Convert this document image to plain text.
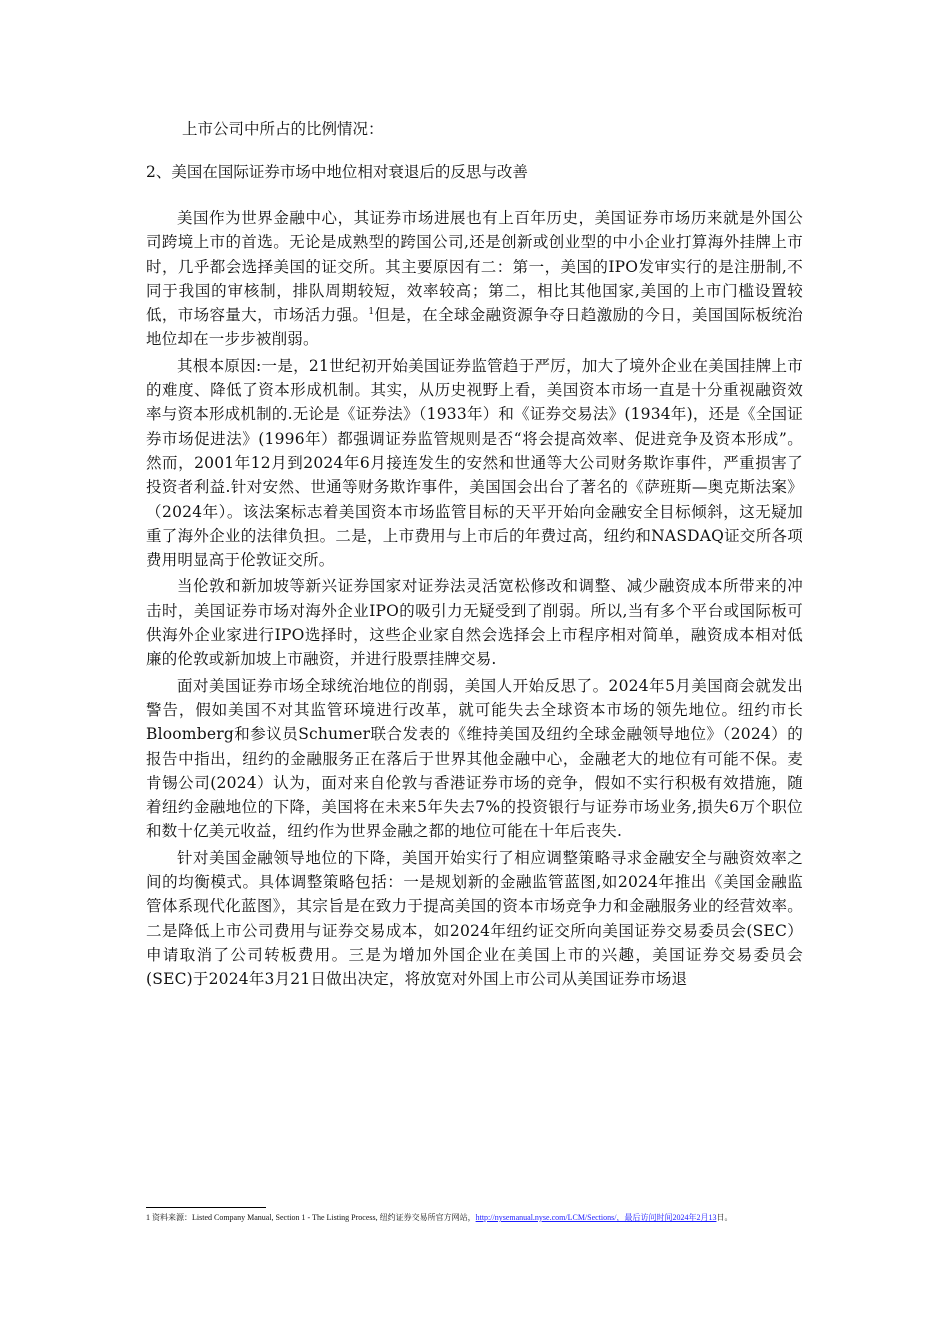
上市公司中所占的比例情况：
2、美国在国际证券市场中地位相对衰退后的反思与改善

美国作为世界金融中心，其证券市场进展也有上百年历史，美国证券市场历来就是外国公司跨境上市的首选。无论是成熟型的跨国公司,还是创新或创业型的中小企业打算海外挂牌上市时，几乎都会选择美国的证交所。其主要原因有二：第一，美国的IPO发审实行的是注册制,不同于我国的审核制，排队周期较短，效率较高；第二，相比其他国家,美国的上市门槛设置较低，市场容量大，市场活力强。$^1$但是，在全球金融资源争夺日趋激励的今日，美国国际板统治地位却在一步步被削弱。

其根本原因:一是，21世纪初开始美国证券监管趋于严厉，加大了境外企业在美国挂牌上市的难度、降低了资本形成机制。其实，从历史视野上看，美国资本市场一直是十分重视融资效率与资本形成机制的.无论是《证券法》（1933年）和《证券交易法》(1934年)，还是《全国证券市场促进法》(1996年）都强调证券监管规则是否“将会提高效率、促进竞争及资本形成”。然而，2001年12月到2024年6月接连发生的安然和世通等大公司财务欺诈事件，严重损害了投资者利益.针对安然、世通等财务欺诈事件，美国国会出台了著名的《萨班斯—奥克斯法案》（2024年）。该法案标志着美国资本市场监管目标的天平开始向金融安全目标倾斜，这无疑加重了海外企业的法律负担。二是，上市费用与上市后的年费过高，纽约和NASDAQ证交所各项费用明显高于伦敦证交所。

当伦敦和新加坡等新兴证券国家对证券法灵活宽松修改和调整、减少融资成本所带来的冲击时，美国证券市场对海外企业IPO的吸引力无疑受到了削弱。所以,当有多个平台或国际板可供海外企业家进行IPO选择时，这些企业家自然会选择会上市程序相对简单，融资成本相对低廉的伦敦或新加坡上市融资，并进行股票挂牌交易.

面对美国证券市场全球统治地位的削弱，美国人开始反思了。2024年5月美国商会就发出警告，假如美国不对其监管环境进行改革，就可能失去全球资本市场的领先地位。纽约市长Bloomberg和参议员Schumer联合发表的《维持美国及纽约全球金融领导地位》（2024）的报告中指出，纽约的金融服务正在落后于世界其他金融中心，金融老大的地位有可能不保。麦肯锡公司(2024）认为，面对来自伦敦与香港证券市场的竞争，假如不实行积极有效措施，随着纽约金融地位的下降，美国将在未来5年失去7%的投资银行与证券市场业务,损失6万个职位和数十亿美元收益，纽约作为世界金融之都的地位可能在十年后丧失.

针对美国金融领导地位的下降，美国开始实行了相应调整策略寻求金融安全与融资效率之间的均衡模式。具体调整策略包括：一是规划新的金融监管蓝图,如2024年推出《美国金融监管体系现代化蓝图》，其宗旨是在致力于提高美国的资本市场竞争力和金融服务业的经营效率。二是降低上市公司费用与证券交易成本，如2024年纽约证交所向美国证券交易委员会(SEC）申请取消了公司转板费用。三是为增加外国企业在美国上市的兴趣，美国证券交易委员会(SEC)于2024年3月21日做出决定，将放宽对外国上市公司从美国证券市场退

1 资料来源：Listed Company Manual, Section 1 - The Listing Process, 纽约证券交易所官方网站，http://nysemanual.nyse.com/LCM/Sections/，最后访问时间2024年2月13日。
